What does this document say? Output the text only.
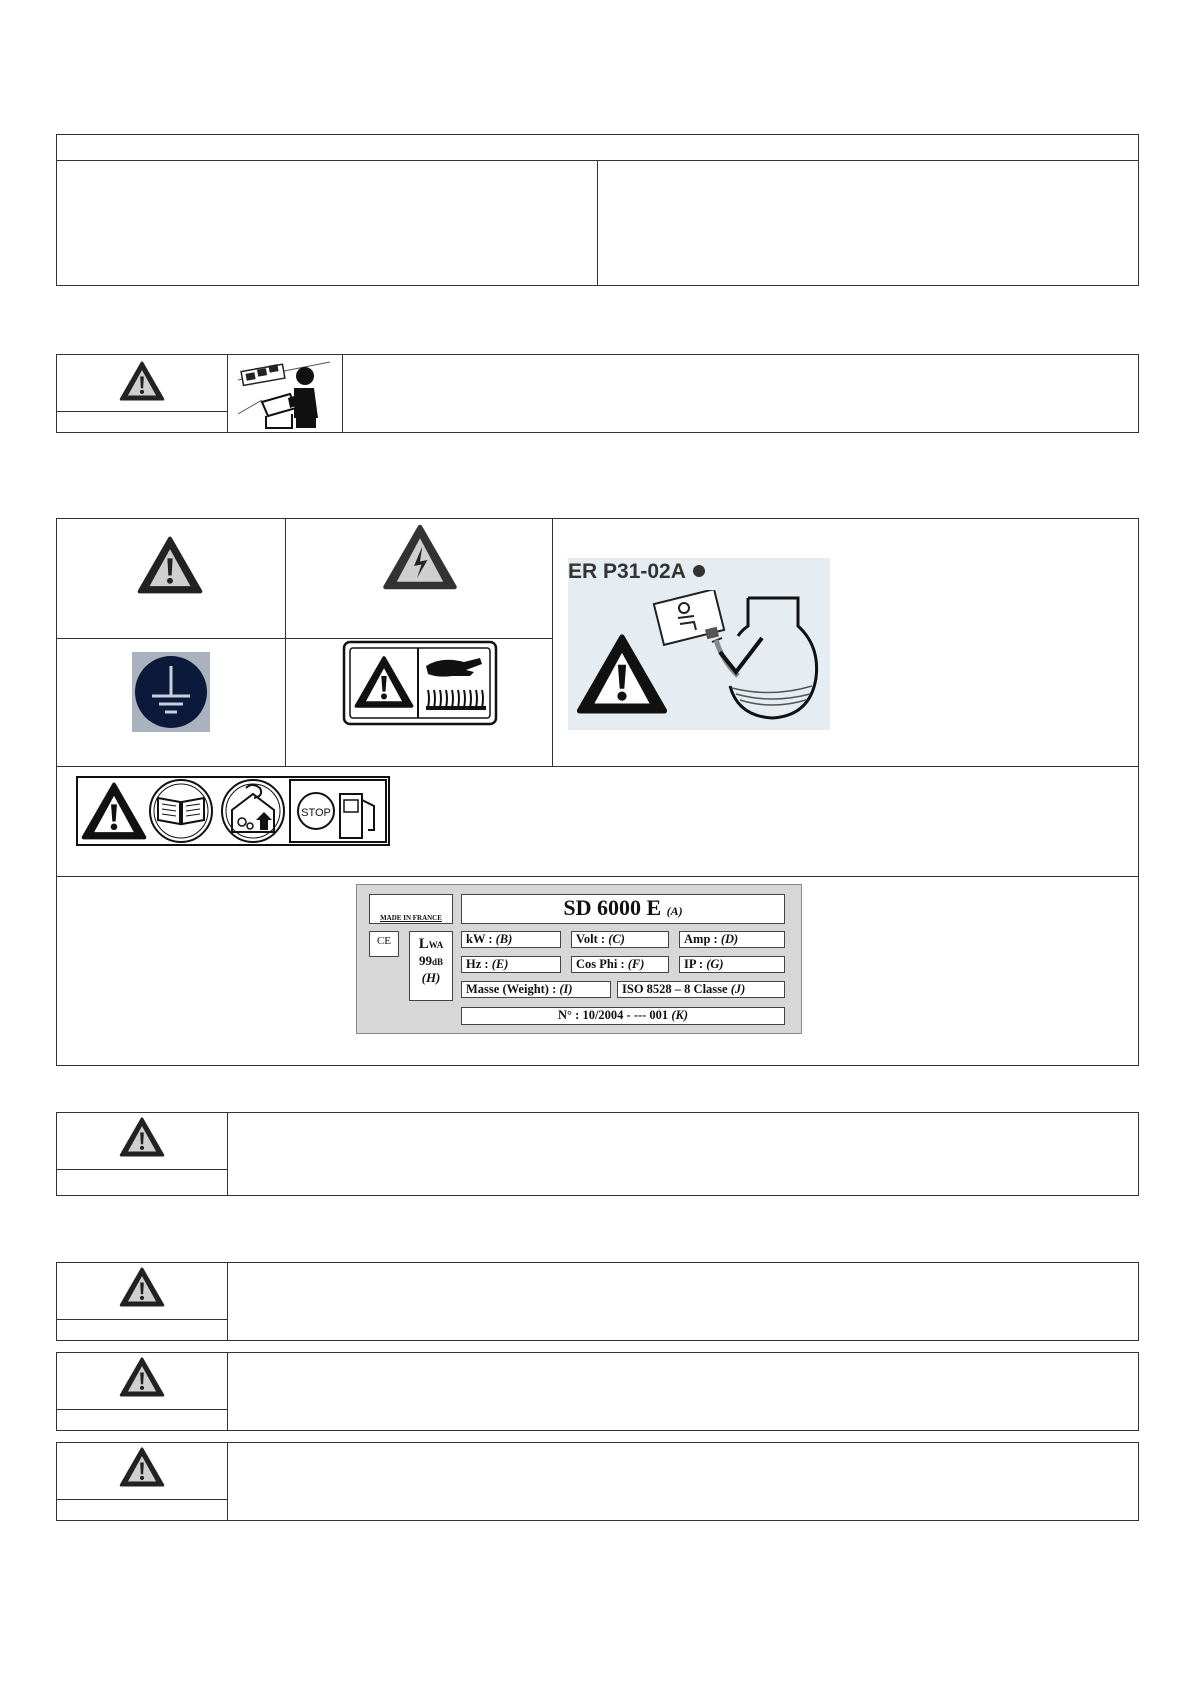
ER P31-02A
STOP
MADE IN FRANCE
CE	LWA
99dB
(H)
SD 6000 E (A)
kW : (B)	Volt : (C)	Amp : (D)
Hz : (E)	Cos Phi : (F)	IP : (G)
Masse (Weight) : (I)	ISO 8528 – 8 Classe (J)
N° : 10/2004 - --- 001 (K)
